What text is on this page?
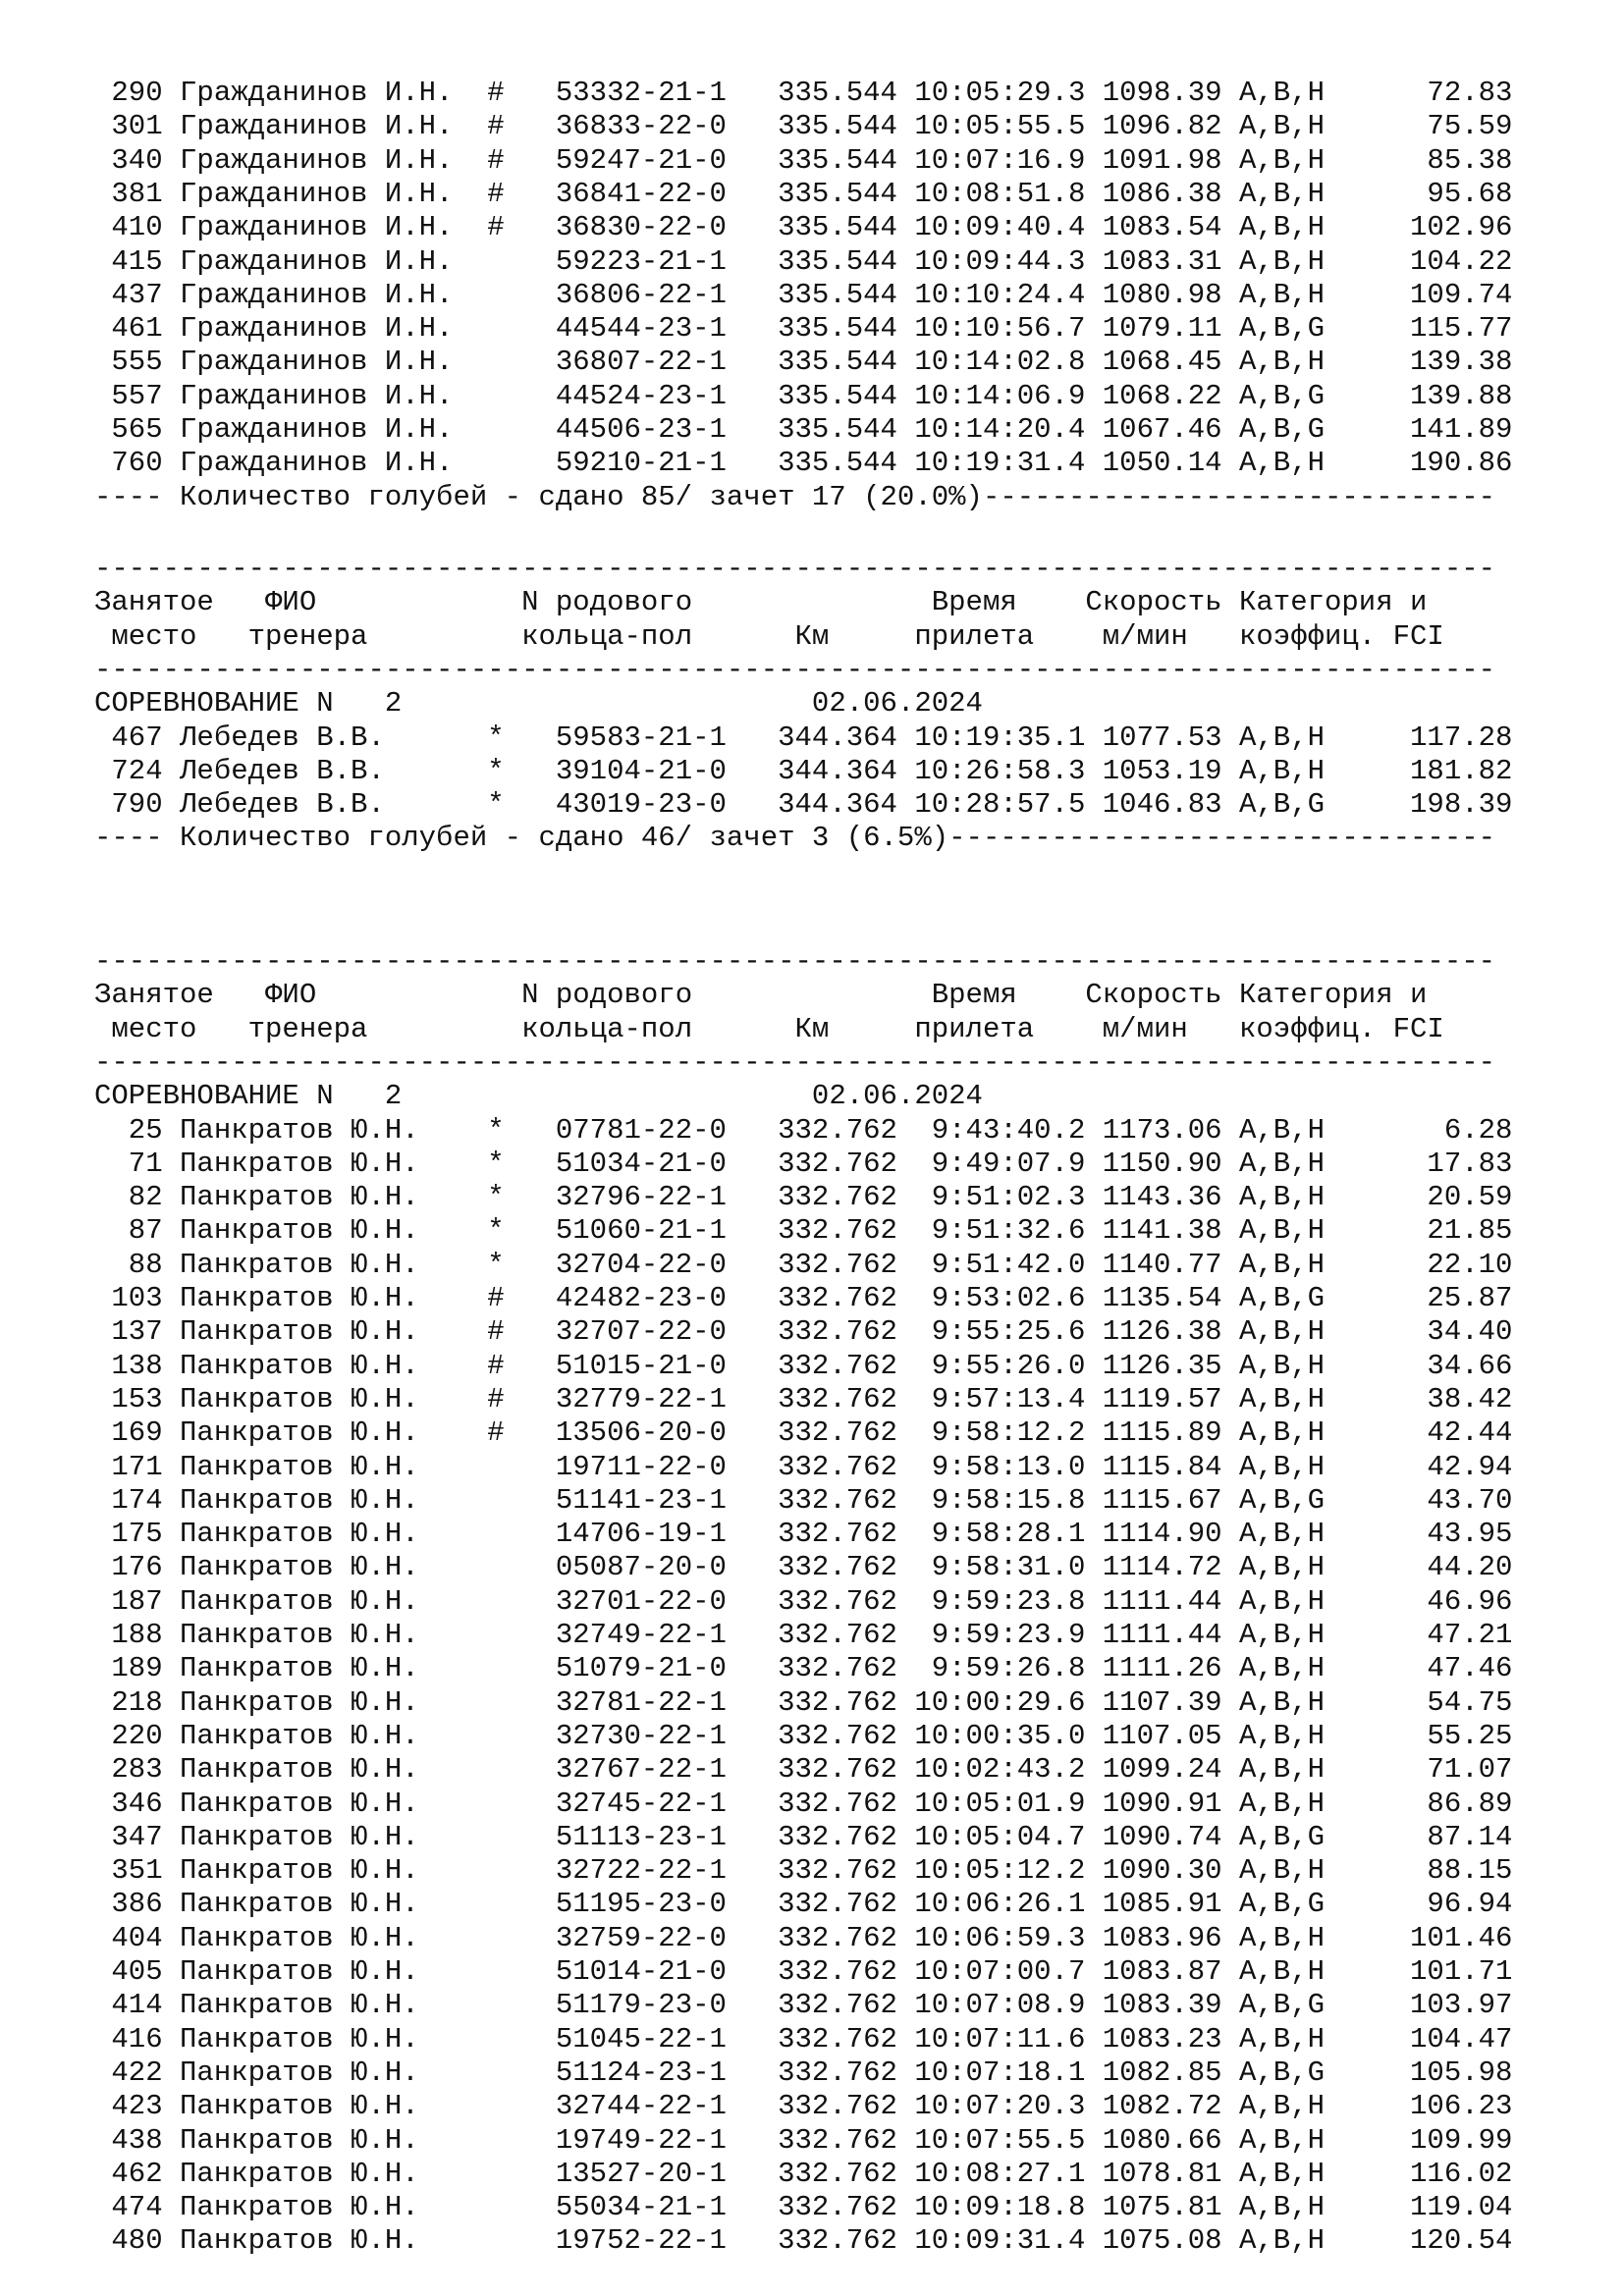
290 Гражданинов И.Н.  #   53332-21-1   335.544 10:05:29.3 1098.39 A,B,H      72.83
301 Гражданинов И.Н.  #   36833-22-0   335.544 10:05:55.5 1096.82 A,B,H      75.59
340 Гражданинов И.Н.  #   59247-21-0   335.544 10:07:16.9 1091.98 A,B,H      85.38
381 Гражданинов И.Н.  #   36841-22-0   335.544 10:08:51.8 1086.38 A,B,H      95.68
410 Гражданинов И.Н.  #   36830-22-0   335.544 10:09:40.4 1083.54 A,B,H     102.96
415 Гражданинов И.Н.      59223-21-1   335.544 10:09:44.3 1083.31 A,B,H     104.22
437 Гражданинов И.Н.      36806-22-1   335.544 10:10:24.4 1080.98 A,B,H     109.74
461 Гражданинов И.Н.      44544-23-1   335.544 10:10:56.7 1079.11 A,B,G     115.77
555 Гражданинов И.Н.      36807-22-1   335.544 10:14:02.8 1068.45 A,B,H     139.38
557 Гражданинов И.Н.      44524-23-1   335.544 10:14:06.9 1068.22 A,B,G     139.88
565 Гражданинов И.Н.      44506-23-1   335.544 10:14:20.4 1067.46 A,B,G     141.89
760 Гражданинов И.Н.      59210-21-1   335.544 10:19:31.4 1050.14 A,B,H     190.86
---- Количество голубей - сдано 85/ зачет 17 (20.0%) ------------------------------
----------------------------------------------------------------------------------
Занятое ФИО	N родового	Время Скорость Категория и
место тренера	кольца-пол	Км	прилета м/мин коэффиц. FCI
----------------------------------------------------------------------------------
СОРЕВНОВАНИЕ N   2	02.06.2024
467 Лебедев В.В.      *   59583-21-1   344.364 10:19:35.1 1077.53 A,B,H     117.28
724 Лебедев В.В.      *   39104-21-0   344.364 10:26:58.3 1053.19 A,B,H     181.82
790 Лебедев В.В.      *   43019-23-0   344.364 10:28:57.5 1046.83 A,B,G     198.39
---- Количество голубей - сдано 46/ зачет 3 (6.5%) --------------------------------
----------------------------------------------------------------------------------
Занятое ФИО	N родового	Время Скорость Категория и
место тренера	кольца-пол	Км	прилета м/мин коэффиц. FCI
----------------------------------------------------------------------------------
СОРЕВНОВАНИЕ N   2	02.06.2024
25 Панкратов Ю.Н.    *   07781-22-0   332.762  9:43:40.2 1173.06 A,B,H       6.28
71 Панкратов Ю.Н.    *   51034-21-0   332.762  9:49:07.9 1150.90 A,B,H      17.83
82 Панкратов Ю.Н.    *   32796-22-1   332.762  9:51:02.3 1143.36 A,B,H      20.59
87 Панкратов Ю.Н.    *   51060-21-1   332.762  9:51:32.6 1141.38 A,B,H      21.85
88 Панкратов Ю.Н.    *   32704-22-0   332.762  9:51:42.0 1140.77 A,B,H      22.10
103 Панкратов Ю.Н.    #   42482-23-0   332.762  9:53:02.6 1135.54 A,B,G      25.87
137 Панкратов Ю.Н.    #   32707-22-0   332.762  9:55:25.6 1126.38 A,B,H      34.40
138 Панкратов Ю.Н.    #   51015-21-0   332.762  9:55:26.0 1126.35 A,B,H      34.66
153 Панкратов Ю.Н.    #   32779-22-1   332.762  9:57:13.4 1119.57 A,B,H      38.42
169 Панкратов Ю.Н.    #   13506-20-0   332.762  9:58:12.2 1115.89 A,B,H      42.44
171 Панкратов Ю.Н.        19711-22-0   332.762  9:58:13.0 1115.84 A,B,H      42.94
174 Панкратов Ю.Н.        51141-23-1   332.762  9:58:15.8 1115.67 A,B,G      43.70
175 Панкратов Ю.Н.        14706-19-1   332.762  9:58:28.1 1114.90 A,B,H      43.95
176 Панкратов Ю.Н.        05087-20-0   332.762  9:58:31.0 1114.72 A,B,H      44.20
187 Панкратов Ю.Н.        32701-22-0   332.762  9:59:23.8 1111.44 A,B,H      46.96
188 Панкратов Ю.Н.        32749-22-1   332.762  9:59:23.9 1111.44 A,B,H      47.21
189 Панкратов Ю.Н.        51079-21-0   332.762  9:59:26.8 1111.26 A,B,H      47.46
218 Панкратов Ю.Н.        32781-22-1   332.762 10:00:29.6 1107.39 A,B,H      54.75
220 Панкратов Ю.Н.        32730-22-1   332.762 10:00:35.0 1107.05 A,B,H      55.25
283 Панкратов Ю.Н.        32767-22-1   332.762 10:02:43.2 1099.24 A,B,H      71.07
346 Панкратов Ю.Н.        32745-22-1   332.762 10:05:01.9 1090.91 A,B,H      86.89
347 Панкратов Ю.Н.        51113-23-1   332.762 10:05:04.7 1090.74 A,B,G      87.14
351 Панкратов Ю.Н.        32722-22-1   332.762 10:05:12.2 1090.30 A,B,H      88.15
386 Панкратов Ю.Н.        51195-23-0   332.762 10:06:26.1 1085.91 A,B,G      96.94
404 Панкратов Ю.Н.        32759-22-0   332.762 10:06:59.3 1083.96 A,B,H     101.46
405 Панкратов Ю.Н.        51014-21-0   332.762 10:07:00.7 1083.87 A,B,H     101.71
414 Панкратов Ю.Н.        51179-23-0   332.762 10:07:08.9 1083.39 A,B,G     103.97
416 Панкратов Ю.Н.        51045-22-1   332.762 10:07:11.6 1083.23 A,B,H     104.47
422 Панкратов Ю.Н.        51124-23-1   332.762 10:07:18.1 1082.85 A,B,G     105.98
423 Панкратов Ю.Н.        32744-22-1   332.762 10:07:20.3 1082.72 A,B,H     106.23
438 Панкратов Ю.Н.        19749-22-1   332.762 10:07:55.5 1080.66 A,B,H     109.99
462 Панкратов Ю.Н.        13527-20-1   332.762 10:08:27.1 1078.81 A,B,H     116.02
474 Панкратов Ю.Н.        55034-21-1   332.762 10:09:18.8 1075.81 A,B,H     119.04
480 Панкратов Ю.Н.        19752-22-1   332.762 10:09:31.4 1075.08 A,B,H     120.54
